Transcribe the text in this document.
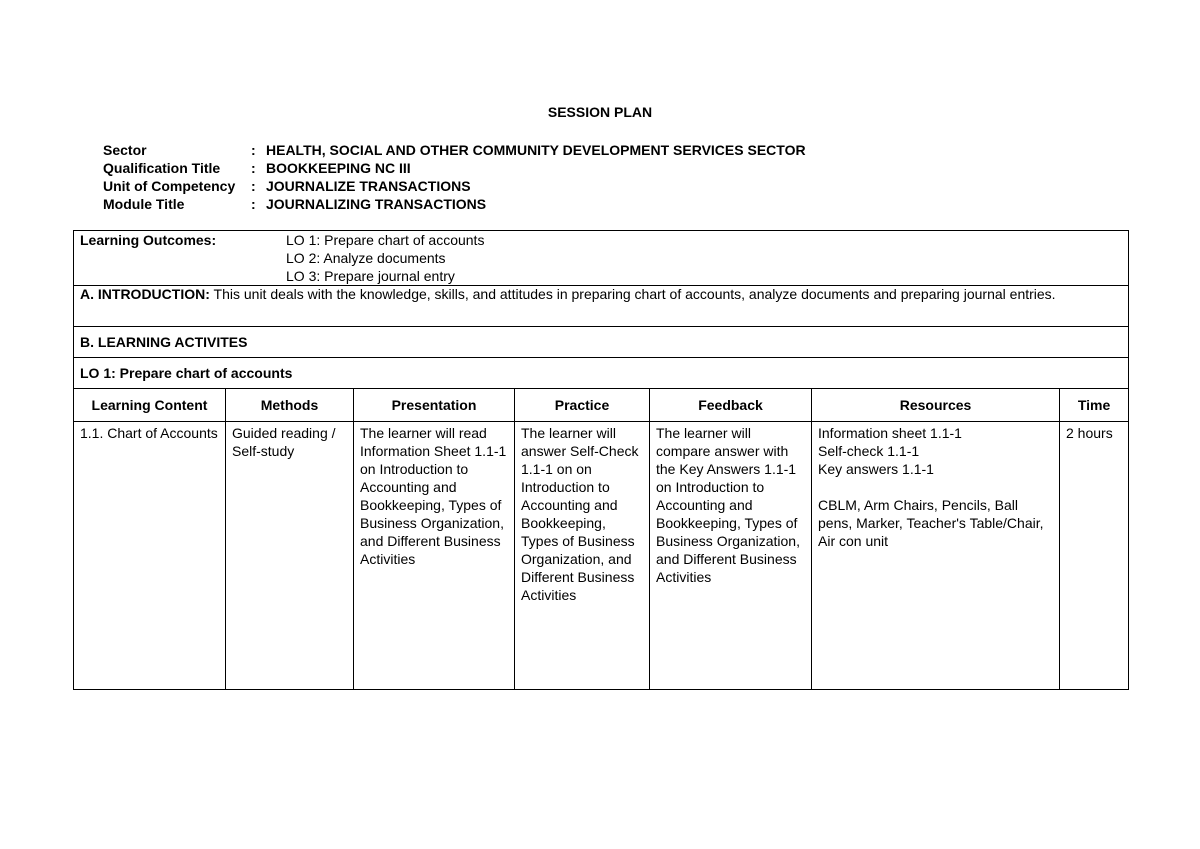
SESSION PLAN
Sector	: HEALTH, SOCIAL AND OTHER COMMUNITY DEVELOPMENT SERVICES SECTOR
Qualification Title	: BOOKKEEPING NC III
Unit of Competency	: JOURNALIZE TRANSACTIONS
Module Title	: JOURNALIZING TRANSACTIONS
Learning Outcomes: LO 1: Prepare chart of accounts
LO 2: Analyze documents
LO 3: Prepare journal entry						

A. INTRODUCTION: This unit deals with the knowledge, skills, and attitudes in preparing chart of accounts, analyze documents and preparing journal entries.						
B. LEARNING ACTIVITES						
LO 1: Prepare chart of accounts						
Learning Content	Methods	Presentation	Practice	Feedback	Resources	Time
1.1. Chart of Accounts	Guided reading / Self-study	The learner will read Information Sheet 1.1-1 on Introduction to Accounting and Bookkeeping, Types of Business Organization, and Different Business Activities	The learner will answer Self-Check 1.1-1 on on Introduction to Accounting and Bookkeeping, Types of Business Organization, and Different Business Activities	The learner will compare answer with the Key Answers 1.1-1 on Introduction to Accounting and Bookkeeping, Types of Business Organization, and Different Business Activities	Information sheet 1.1-1
Self-check 1.1-1
Key answers 1.1-1
CBLM, Arm Chairs, Pencils, Ball pens, Marker, Teacher's Table/Chair, Air con unit	2 hours
